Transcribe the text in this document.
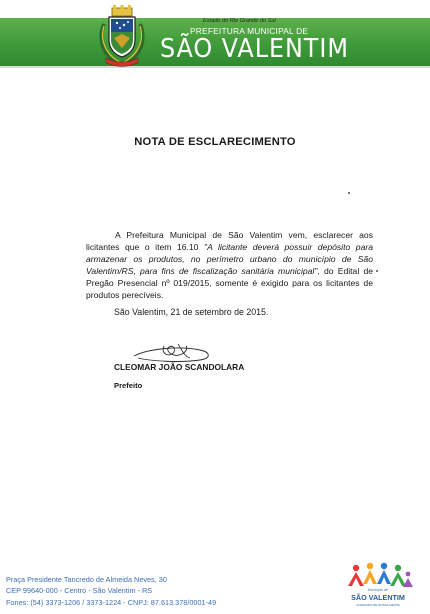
Estado do Rio Grande do Sul
PREFEITURA MUNICIPAL DE
SÃO VALENTIM
NOTA DE ESCLARECIMENTO

A Prefeitura Municipal de São Valentim vem, esclarecer aos licitantes que o item 16.10 "A licitante deverá possuir depósito para armazenar os produtos, no perímetro urbano do município de São Valentim/RS, para fins de fiscalização sanitária municipal", do Edital de Pregão Presencial nº 019/2015, somente é exigido para os licitantes de produtos perecíveis.

São Valentim, 21 de setembro de 2015.
CLEOMAR JOÃO SCANDOLARA
Prefeito
Praça Presidente Tancredo de Almeida Neves, 30
CEP 99640-000 - Centro - São Valentim - RS
Fones: (54) 3373-1206 / 3373-1224 - CNPJ: 87.613.378/0001-49
Município de
SÃO VALENTIM
CUIDANDO DE NOSSA GENTE
